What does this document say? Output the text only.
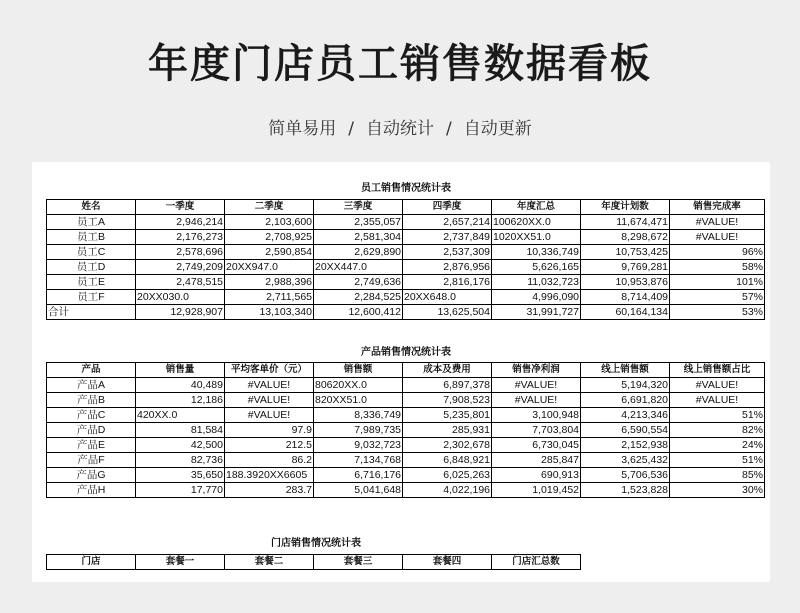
年度门店员工销售数据看板
简单易用 / 自动统计 / 自动更新
员工销售情况统计表
姓名	一季度	二季度	三季度	四季度	年度汇总	年度计划数	销售完成率
员工A	2,946,214	2,103,600	2,355,057	2,657,214	100620XX.0	11,674,471	#VALUE!
员工B	2,176,273	2,708,925	2,581,304	2,737,849	1020XX51.0	8,298,672	#VALUE!
员工C	2,578,696	2,590,854	2,629,890	2,537,309	10,336,749	10,753,425	96%
员工D	2,749,209	20XX947.0	20XX447.0	2,876,956	5,626,165	9,769,281	58%
员工E	2,478,515	2,988,396	2,749,636	2,816,176	11,032,723	10,953,876	101%
员工F	20XX030.0	2,711,565	2,284,525	20XX648.0	4,996,090	8,714,409	57%
合计	12,928,907	13,103,340	12,600,412	13,625,504	31,991,727	60,164,134	53%
产品销售情况统计表
产品	销售量	平均客单价（元）	销售额	成本及费用	销售净利润	线上销售额	线上销售额占比
产品A	40,489	#VALUE!	80620XX.0	6,897,378	#VALUE!	5,194,320	#VALUE!
产品B	12,186	#VALUE!	820XX51.0	7,908,523	#VALUE!	6,691,820	#VALUE!
产品C	420XX.0	#VALUE!	8,336,749	5,235,801	3,100,948	4,213,346	51%
产品D	81,584	97.9	7,989,735	285,931	7,703,804	6,590,554	82%
产品E	42,500	212.5	9,032,723	2,302,678	6,730,045	2,152,938	24%
产品F	82,736	86.2	7,134,768	6,848,921	285,847	3,625,432	51%
产品G	35,650	188.3920XX6605	6,716,176	6,025,263	690,913	5,706,536	85%
产品H	17,770	283.7	5,041,648	4,022,196	1,019,452	1,523,828	30%
门店销售情况统计表
门店	套餐一	套餐二	套餐三	套餐四	门店汇总数
